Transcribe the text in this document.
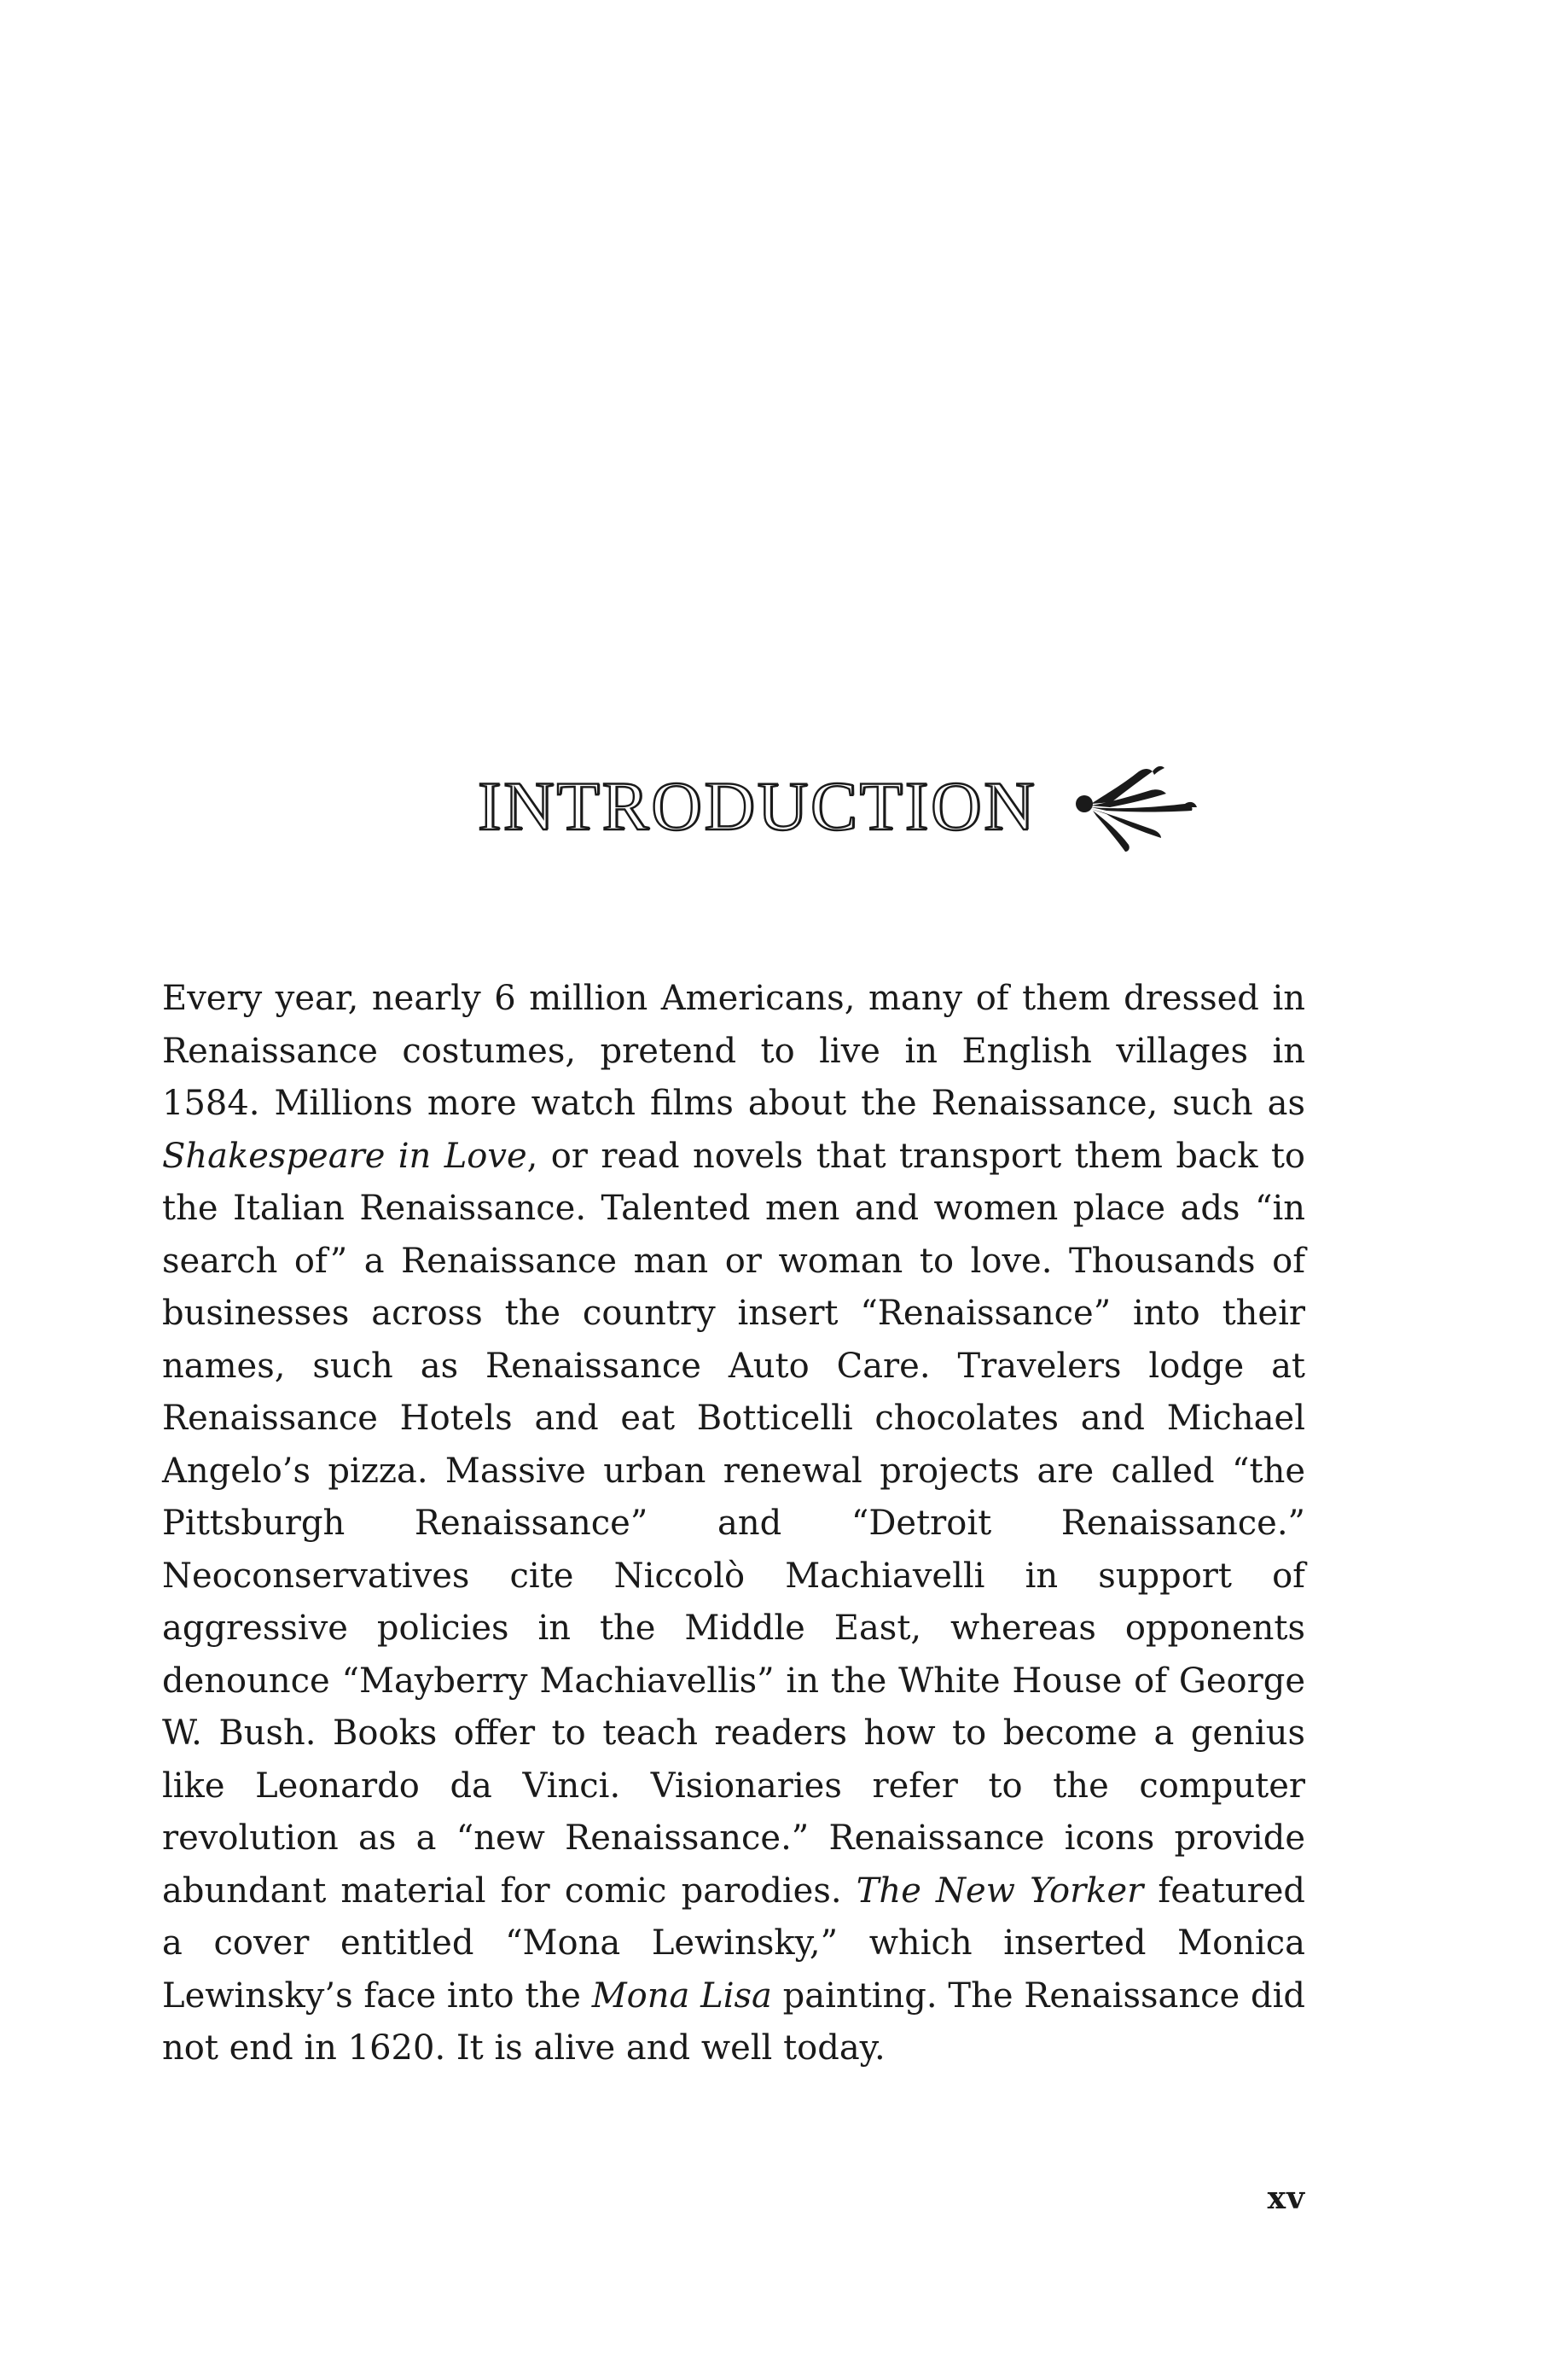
INTRODUCTION

Every year, nearly 6 million Americans, many of them dressed in Renaissance costumes, pretend to live in English villages in 1584. Millions more watch films about the Renaissance, such as Shakespeare in Love, or read novels that transport them back to the Italian Renaissance. Talented men and women place ads “in search of” a Renaissance man or woman to love. Thousands of businesses across the country insert “Renaissance” into their names, such as Renaissance Auto Care. Travelers lodge at Renaissance Hotels and eat Botticelli chocolates and Michael Angelo’s pizza. Massive urban renewal projects are called “the Pittsburgh Renaissance” and “Detroit Renaissance.” Neoconservatives cite Niccolò Machiavelli in support of aggressive policies in the Middle East, whereas opponents denounce “Mayberry Machiavellis” in the White House of George W. Bush. Books offer to teach readers how to become a genius like Leonardo da Vinci. Visionaries refer to the computer revolution as a “new Renaissance.” Renaissance icons provide abundant material for comic parodies. The New Yorker featured a cover entitled “Mona Lewinsky,” which inserted Monica Lewinsky’s face into the Mona Lisa painting. The Renaissance did not end in 1620. It is alive and well today.

xv
